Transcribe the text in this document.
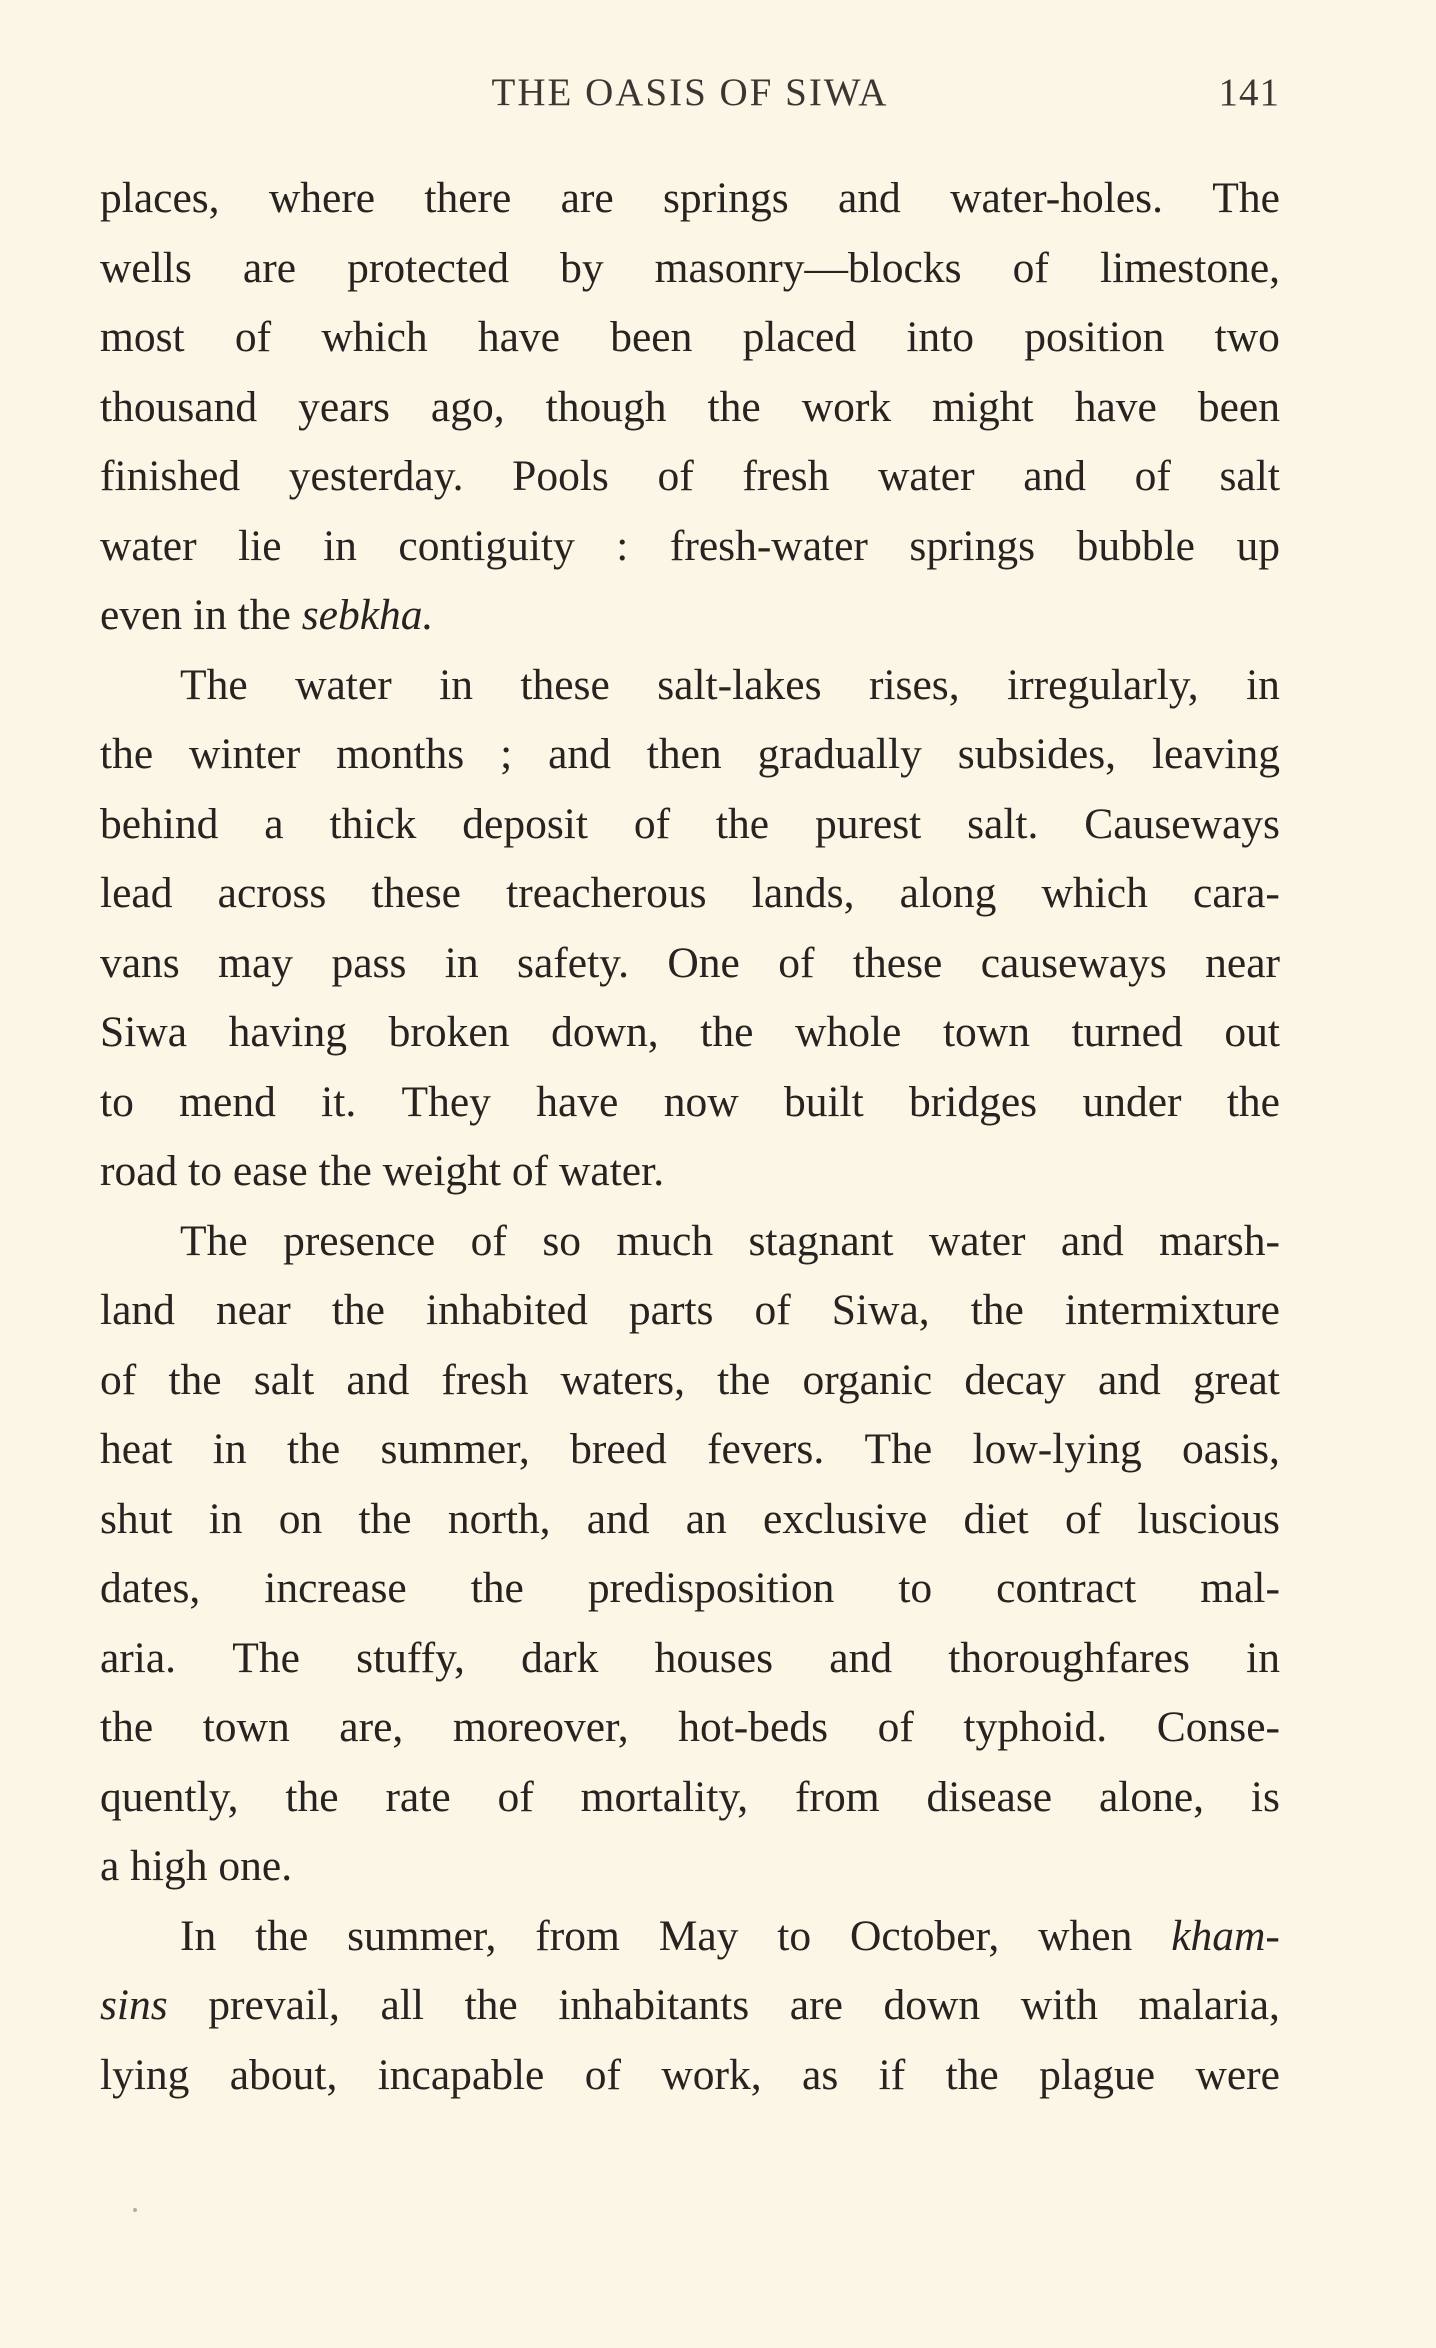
THE OASIS OF SIWA	141
places, where there are springs and water-holes. The
wells are protected by masonry—blocks of limestone,
most of which have been placed into position two
thousand years ago, though the work might have been
finished yesterday. Pools of fresh water and of salt
water lie in contiguity : fresh-water springs bubble up
even in the sebkha.
The water in these salt-lakes rises, irregularly, in
the winter months ; and then gradually subsides, leaving
behind a thick deposit of the purest salt. Causeways
lead across these treacherous lands, along which cara-
vans may pass in safety. One of these causeways near
Siwa having broken down, the whole town turned out
to mend it. They have now built bridges under the
road to ease the weight of water.
The presence of so much stagnant water and marsh-
land near the inhabited parts of Siwa, the intermixture
of the salt and fresh waters, the organic decay and great
heat in the summer, breed fevers. The low-lying oasis,
shut in on the north, and an exclusive diet of luscious
dates, increase the predisposition to contract mal-
aria. The stuffy, dark houses and thoroughfares in
the town are, moreover, hot-beds of typhoid. Conse-
quently, the rate of mortality, from disease alone, is
a high one.
In the summer, from May to October, when kham-
sins prevail, all the inhabitants are down with malaria,
lying about, incapable of work, as if the plague were
